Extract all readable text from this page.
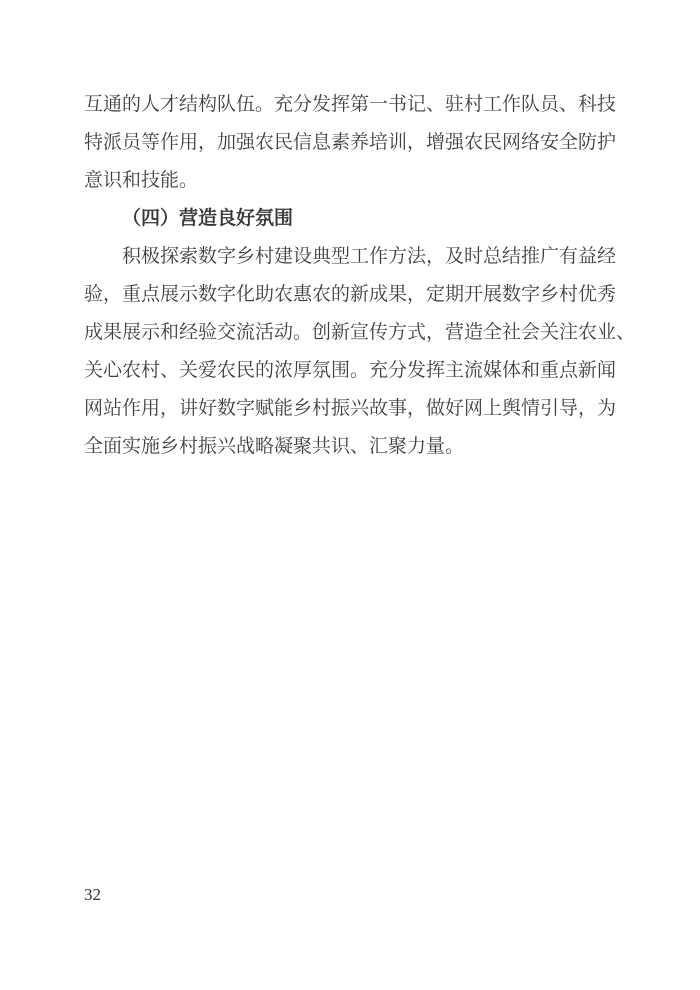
互通的人才结构队伍。充分发挥第一书记、驻村工作队员、科技
特派员等作用，加强农民信息素养培训，增强农民网络安全防护
意识和技能。
（四）营造良好氛围
积极探索数字乡村建设典型工作方法，及时总结推广有益经
验，重点展示数字化助农惠农的新成果，定期开展数字乡村优秀
成果展示和经验交流活动。创新宣传方式，营造全社会关注农业、
关心农村、关爱农民的浓厚氛围。充分发挥主流媒体和重点新闻
网站作用，讲好数字赋能乡村振兴故事，做好网上舆情引导，为
全面实施乡村振兴战略凝聚共识、汇聚力量。
32
